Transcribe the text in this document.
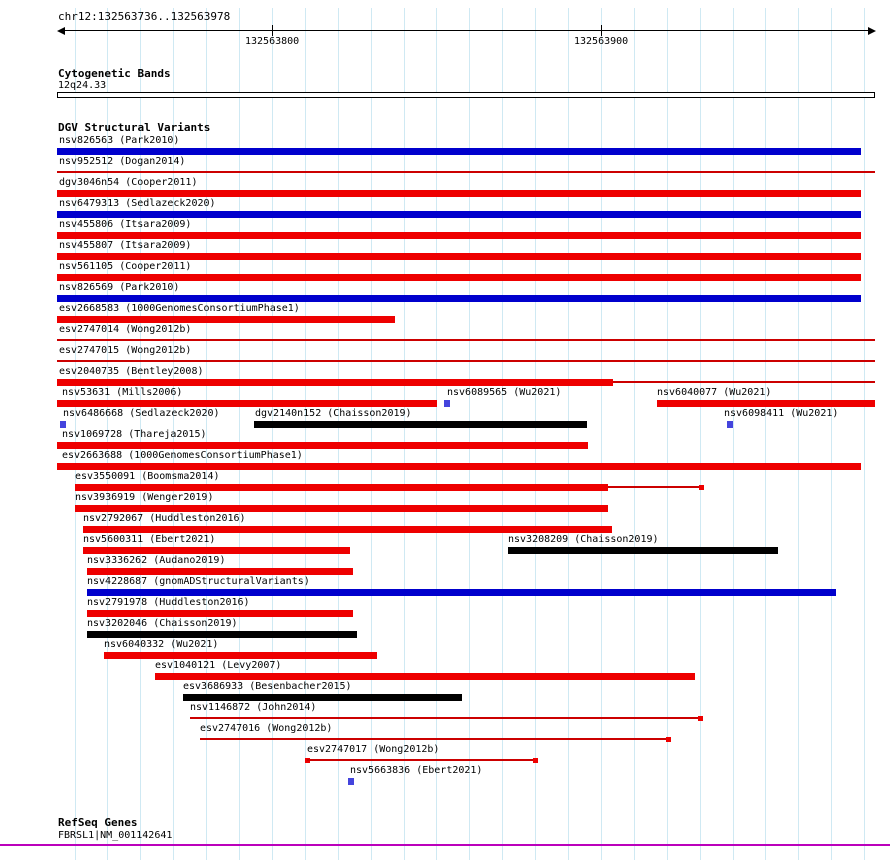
chr12:132563736..132563978
132563800	132563900
Cytogenetic Bands
12q24.33
DGV Structural Variants
nsv826563 (Park2010)
nsv952512 (Dogan2014)
dgv3046n54 (Cooper2011)
nsv6479313 (Sedlazeck2020)
nsv455806 (Itsara2009)
nsv455807 (Itsara2009)
nsv561105 (Cooper2011)
nsv826569 (Park2010)
esv2668583 (1000GenomesConsortiumPhase1)
esv2747014 (Wong2012b)
esv2747015 (Wong2012b)
esv2040735 (Bentley2008)
nsv53631 (Mills2006)	nsv6089565 (Wu2021)	nsv6040077 (Wu2021)
nsv6486668 (Sedlazeck2020)	dgv2140n152 (Chaisson2019)	nsv6098411 (Wu2021)
nsv1069728 (Thareja2015)
esv2663688 (1000GenomesConsortiumPhase1)
esv3550091 (Boomsma2014)
nsv3936919 (Wenger2019)
nsv2792067 (Huddleston2016)
nsv5600311 (Ebert2021)	nsv3208209 (Chaisson2019)
nsv3336262 (Audano2019)
nsv4228687 (gnomADStructuralVariants)
nsv2791978 (Huddleston2016)
nsv3202046 (Chaisson2019)
nsv6040332 (Wu2021)
esv1040121 (Levy2007)
esv3686933 (Besenbacher2015)
nsv1146872 (John2014)
esv2747016 (Wong2012b)
esv2747017 (Wong2012b)
nsv5663836 (Ebert2021)
RefSeq Genes
FBRSL1|NM_001142641
